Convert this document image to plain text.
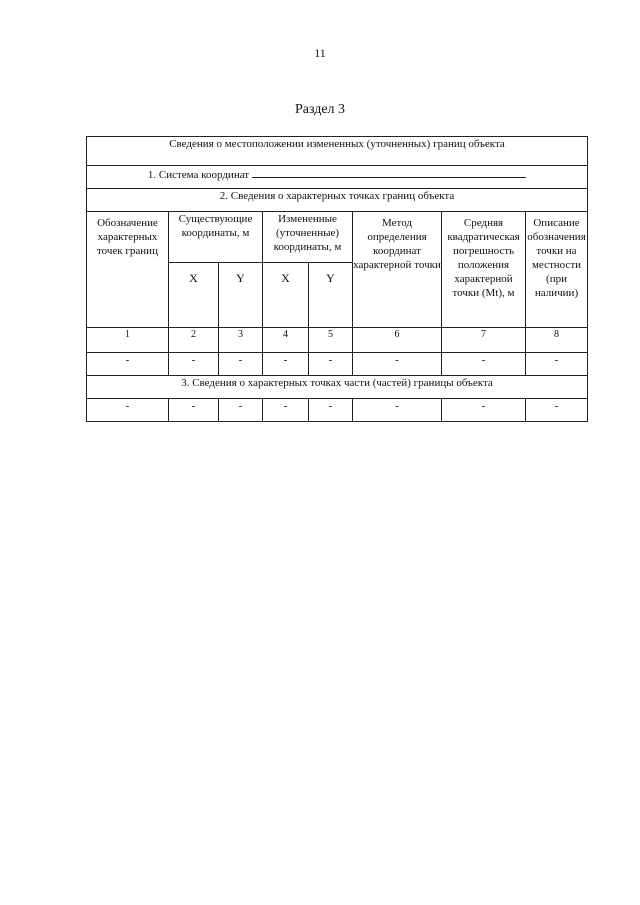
11
Раздел 3
Сведения о местоположении измененных (уточненных) границ объекта							
1. Система координат							
2. Сведения о характерных точках границ объекта							
Обозначение характерных точек границ	Существующие координаты, м		Измененные (уточненные) координаты, м		Метод определения координат характерной точки	Средняя квадратическая погрешность положения характерной точки (Mt), м	Описание обозначения точки на местности (при наличии)
	X	Y	X	Y			
1	2	3	4	5	6	7	8
-	-	-	-	-	-	-	-
3. Сведения о характерных точках части (частей) границы объекта							
-	-	-	-	-	-	-	-
